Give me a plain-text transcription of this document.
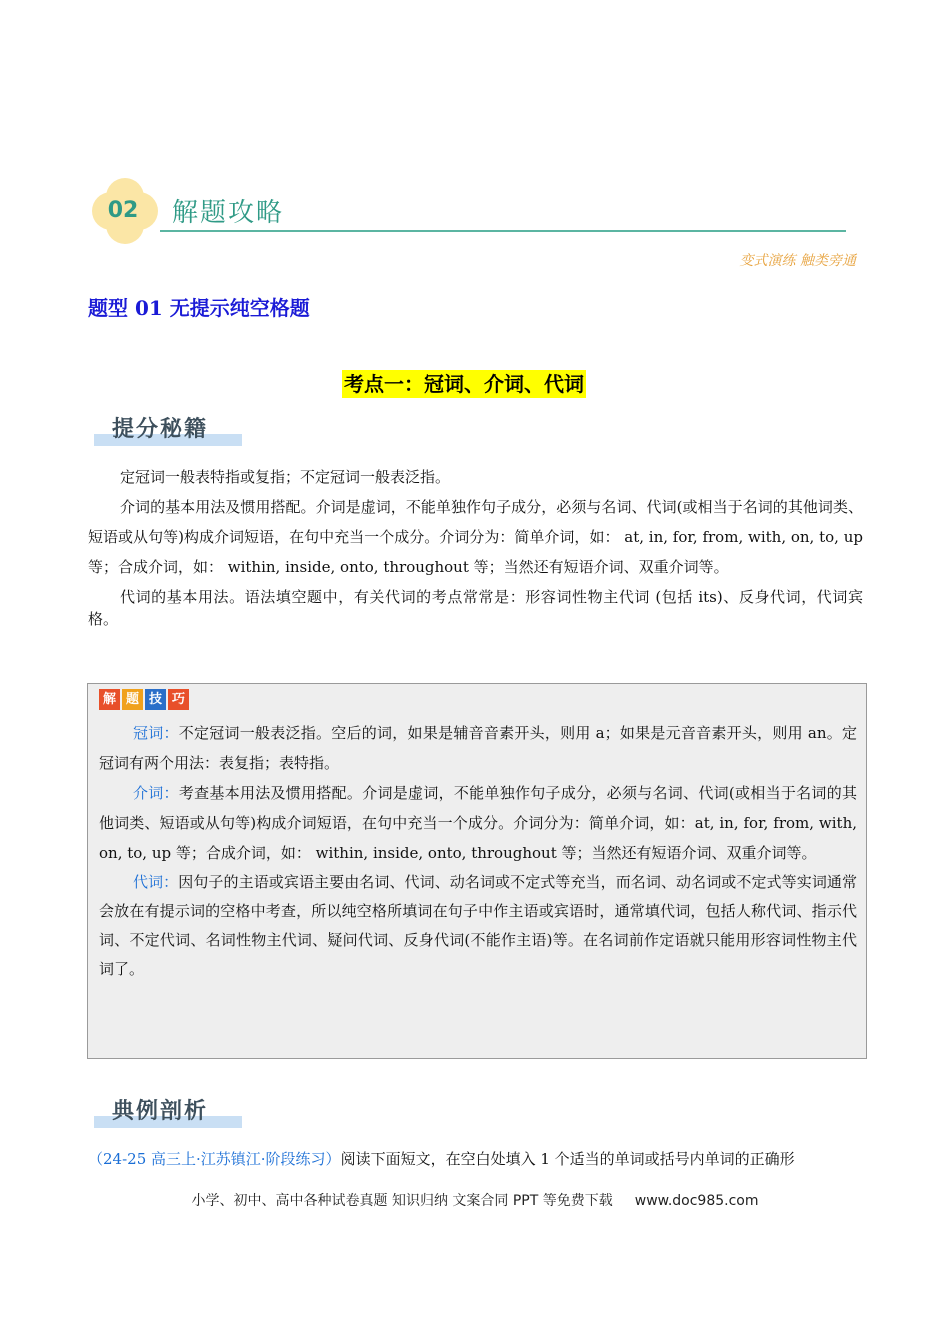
02	解题攻略
变式演练 触类旁通
题型 01 无提示纯空格题
考点一：冠词、介词、代词
提分秘籍

定冠词一般表特指或复指；不定冠词一般表泛指。

介词的基本用法及惯用搭配。介词是虚词，不能单独作句子成分，必须与名词、代词(或相当于名词的其他词类、短语或从句等)构成介词短语，在句中充当一个成分。介词分为：简单介词，如： at, in, for, from, with, on, to, up 等；合成介词，如： within, inside, onto, throughout 等；当然还有短语介词、双重介词等。

代词的基本用法。语法填空题中，有关代词的考点常常是：形容词性物主代词 (包括 its)、反身代词，代词宾格。

解 题 技 巧

冠词：不定冠词一般表泛指。空后的词，如果是辅音音素开头，则用 a；如果是元音音素开头，则用 an。定冠词有两个用法：表复指；表特指。

介词：考查基本用法及惯用搭配。介词是虚词，不能单独作句子成分，必须与名词、代词(或相当于名词的其他词类、短语或从句等)构成介词短语，在句中充当一个成分。介词分为：简单介词，如：at, in, for, from, with, on, to, up 等；合成介词，如： within, inside, onto, throughout 等；当然还有短语介词、双重介词等。

代词：因句子的主语或宾语主要由名词、代词、动名词或不定式等充当，而名词、动名词或不定式等实词通常会放在有提示词的空格中考查，所以纯空格所填词在句子中作主语或宾语时，通常填代词，包括人称代词、指示代词、不定代词、名词性物主代词、疑问代词、反身代词(不能作主语)等。在名词前作定语就只能用形容词性物主代词了。

典例剖析
（24-25 高三上·江苏镇江·阶段练习）阅读下面短文，在空白处填入 1 个适当的单词或括号内单词的正确形
小学、初中、高中各种试卷真题 知识归纳 文案合同 PPT 等免费下载 www.doc985.com
